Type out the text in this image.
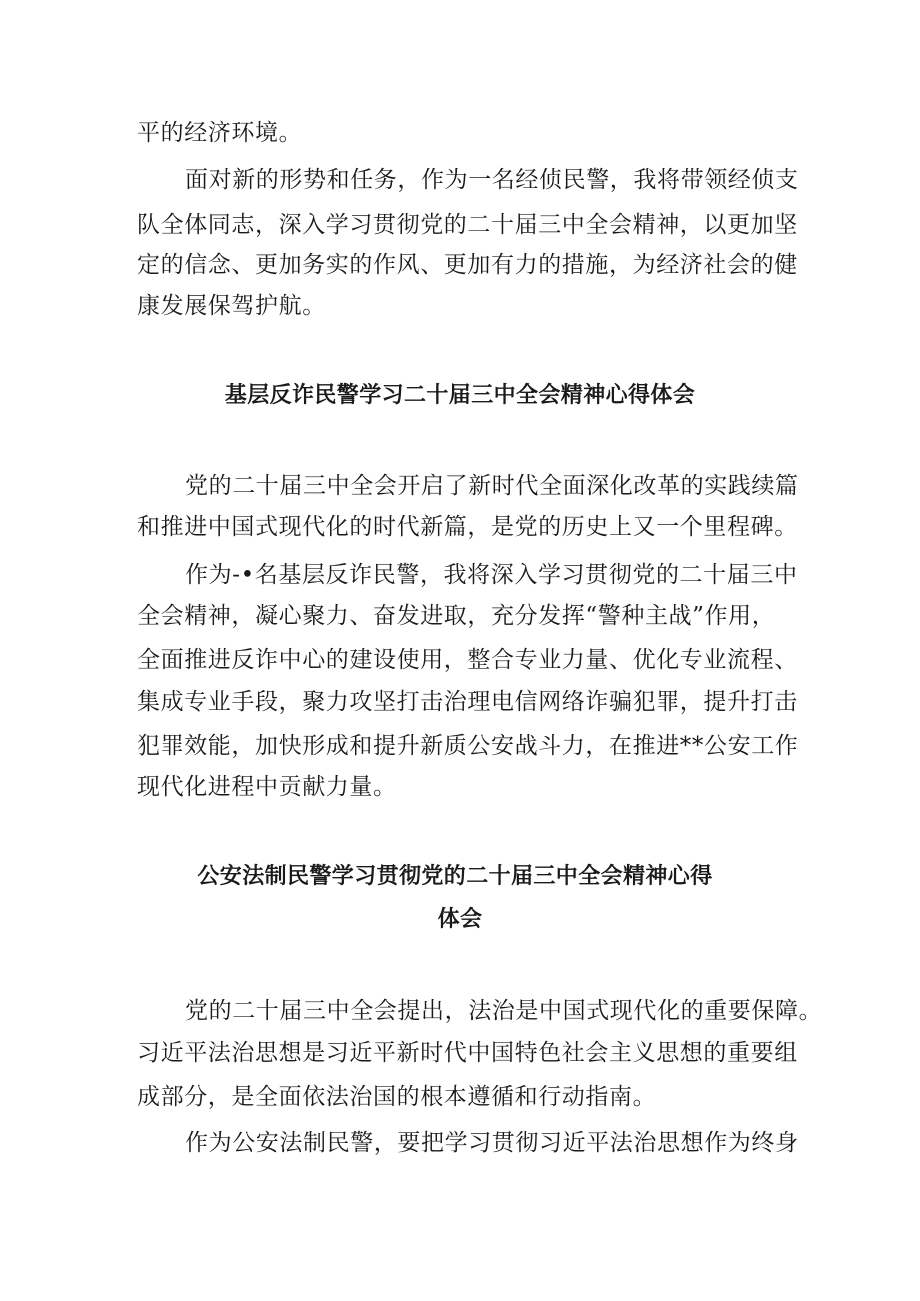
平的经济环境。
面对新的形势和任务，作为一名经侦民警，我将带领经侦支
队全体同志，深入学习贯彻党的二十届三中全会精神，以更加坚
定的信念、更加务实的作风、更加有力的措施，为经济社会的健
康发展保驾护航。
基层反诈民警学习二十届三中全会精神心得体会
党的二十届三中全会开启了新时代全面深化改革的实践续篇
和推进中国式现代化的时代新篇，是党的历史上又一个里程碑。
作为-•名基层反诈民警，我将深入学习贯彻党的二十届三中
全会精神，凝心聚力、奋发进取，充分发挥“警种主战”作用，
全面推进反诈中心的建设使用，整合专业力量、优化专业流程、
集成专业手段，聚力攻坚打击治理电信网络诈骗犯罪，提升打击
犯罪效能，加快形成和提升新质公安战斗力，在推进**公安工作
现代化进程中贡献力量。
公安法制民警学习贯彻党的二十届三中全会精神心得
体会
党的二十届三中全会提出，法治是中国式现代化的重要保障。
习近平法治思想是习近平新时代中国特色社会主义思想的重要组
成部分，是全面依法治国的根本遵循和行动指南。
作为公安法制民警，要把学习贯彻习近平法治思想作为终身
